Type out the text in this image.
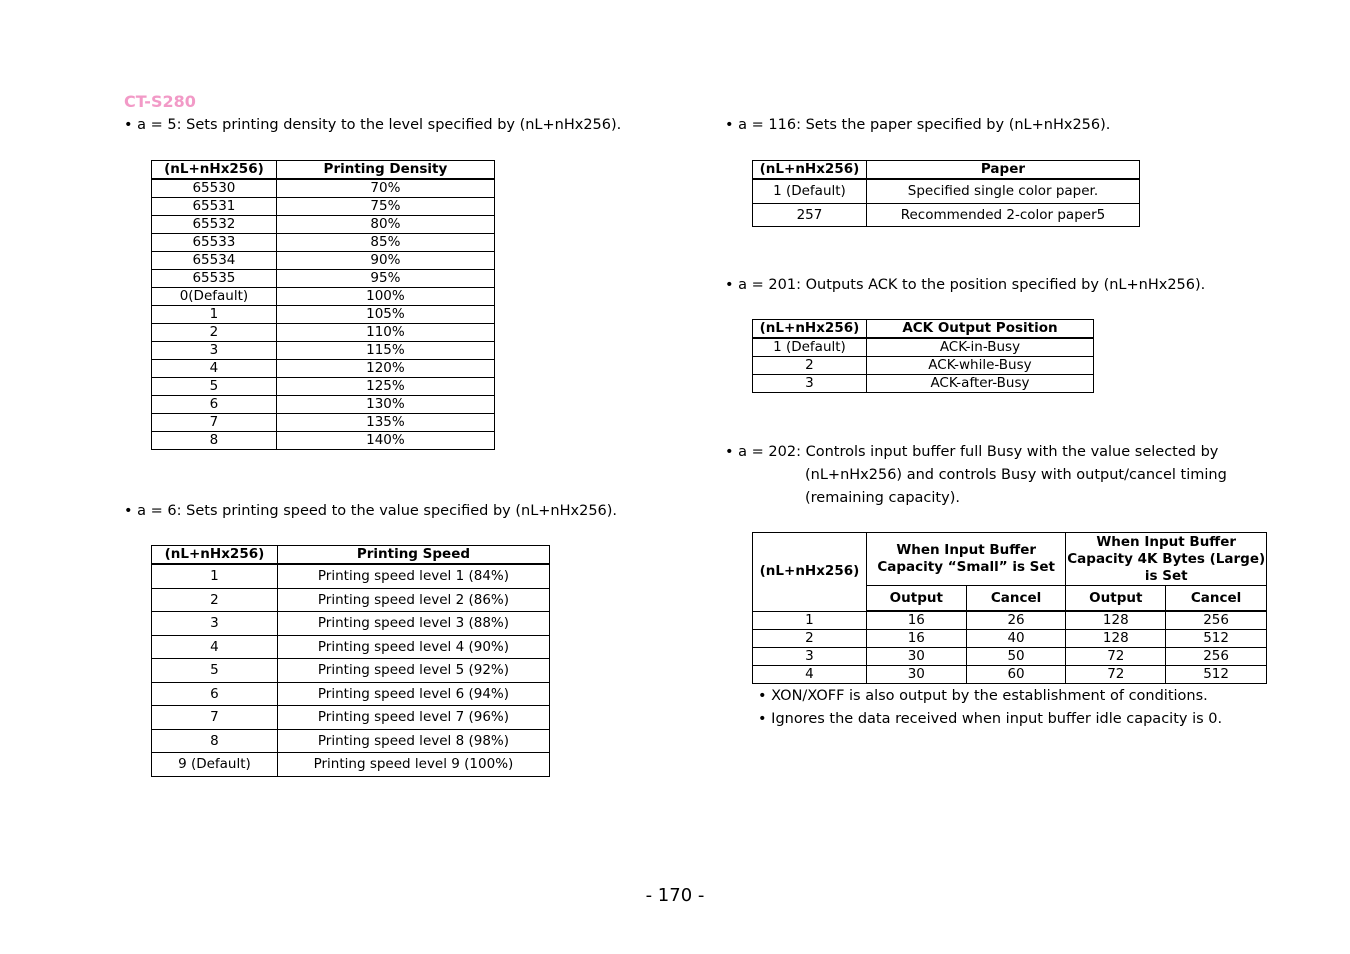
CT-S280
• a = 5: Sets printing density to the level specified by (nL+nHx256).
(nL+nHx256)	Printing Density
65530	70%
65531	75%
65532	80%
65533	85%
65534	90%
65535	95%
0(Default)	100%
1	105%
2	110%
3	115%
4	120%
5	125%
6	130%
7	135%
8	140%
• a = 6: Sets printing speed to the value specified by (nL+nHx256).
(nL+nHx256)	Printing Speed
1	Printing speed level 1 (84%)
2	Printing speed level 2 (86%)
3	Printing speed level 3 (88%)
4	Printing speed level 4 (90%)
5	Printing speed level 5 (92%)
6	Printing speed level 6 (94%)
7	Printing speed level 7 (96%)
8	Printing speed level 8 (98%)
9 (Default)	Printing speed level 9 (100%)
• a = 116: Sets the paper specified by (nL+nHx256).
(nL+nHx256)	Paper
1 (Default)	Specified single color paper.
257	Recommended 2-color paper5
• a = 201: Outputs ACK to the position specified by (nL+nHx256).
(nL+nHx256)	ACK Output Position
1 (Default)	ACK-in-Busy
2	ACK-while-Busy
3	ACK-after-Busy
• a = 202: Controls input buffer full Busy with the value selected by
(nL+nHx256) and controls Busy with output/cancel timing
(remaining capacity).
(nL+nHx256)	When Input Buffer Capacity “Small” is Set		When Input Buffer Capacity 4K Bytes (Large) is Set	
	Output	Cancel	Output	Cancel
1	16	26	128	256
2	16	40	128	512
3	30	50	72	256
4	30	60	72	512
• XON/XOFF is also output by the establishment of conditions.
• Ignores the data received when input buffer idle capacity is 0.
- 170 -
